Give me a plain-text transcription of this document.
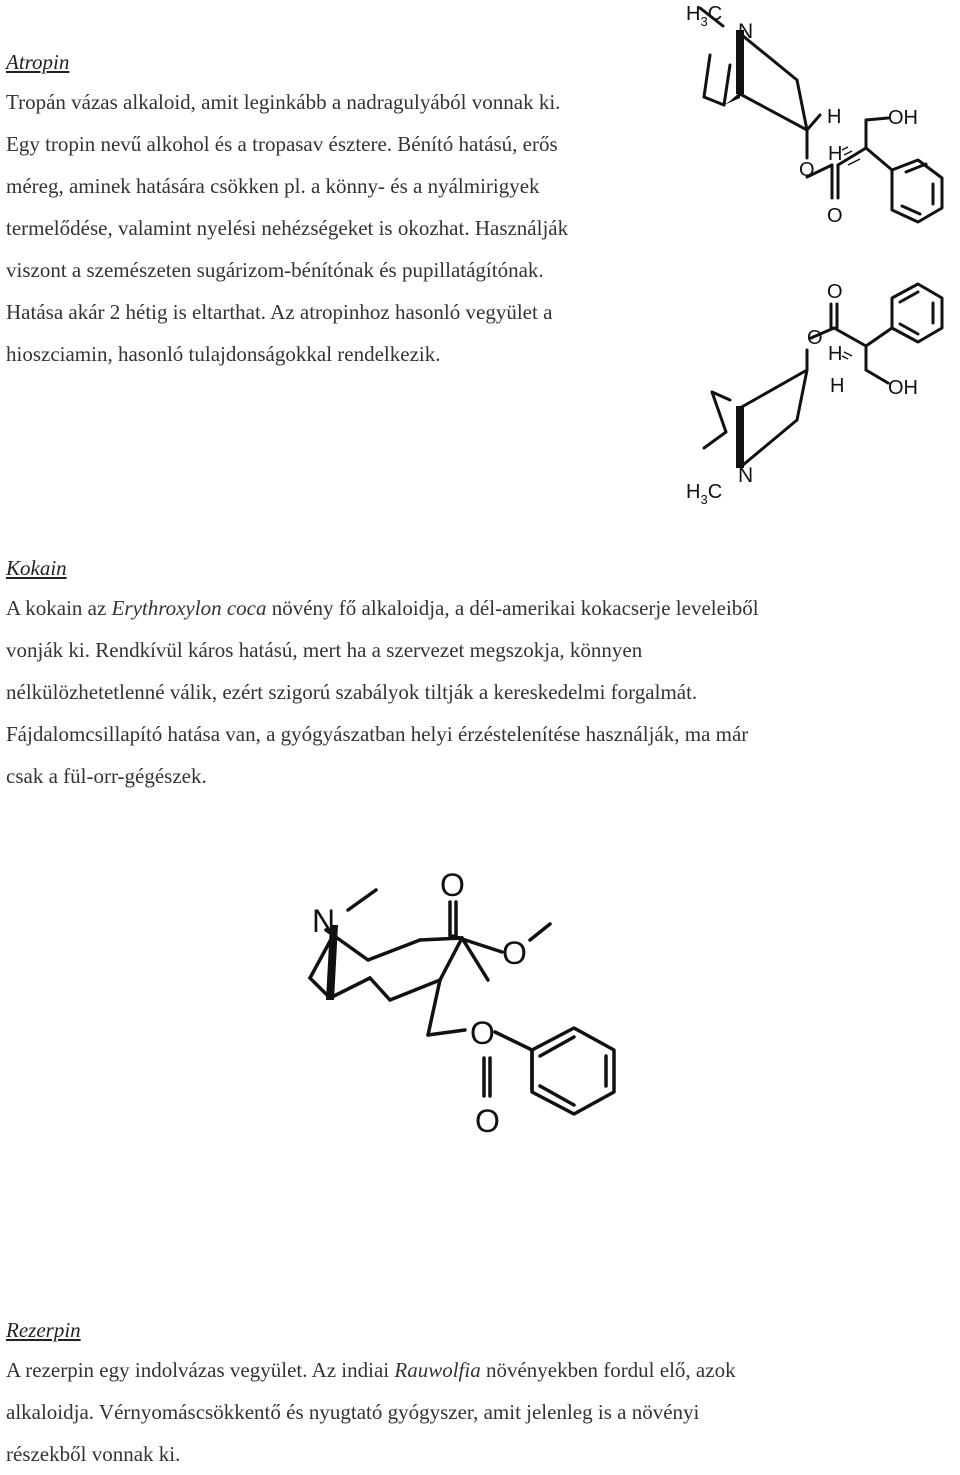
Atropin
Tropán vázas alkaloid, amit leginkább a nadragulyából vonnak ki.
Egy tropin nevű alkohol és a tropasav észtere. Bénító hatású, erős
méreg, aminek hatására csökken pl. a könny- és a nyálmirigyek
termelődése, valamint nyelési nehézségeket is okozhat. Használják
viszont a szemészeten sugárizom-bénítónak és pupillatágítónak.
Hatása akár 2 hétig is eltarthat. Az atropinhoz hasonló vegyület a
hioszciamin, hasonló tulajdonságokkal rendelkezik.
$H_3C$
N
H OH
H
O
O
O
O
H
H OH
N
$H_3C$
Kokain
A kokain az Erythroxylon coca növény fő alkaloidja, a dél-amerikai kokacserje leveleiből
vonják ki. Rendkívül káros hatású, mert ha a szervezet megszokja, könnyen
nélkülözhetetlenné válik, ezért szigorú szabályok tiltják a kereskedelmi forgalmát.
Fájdalomcsillapító hatása van, a gyógyászatban helyi érzéstelenítése használják, ma már
csak a fül-orr-gégészek.
N
O
O
O
O
Rezerpin
A rezerpin egy indolvázas vegyület. Az indiai Rauwolfia növényekben fordul elő, azok
alkaloidja. Vérnyomáscsökkentő és nyugtató gyógyszer, amit jelenleg is a növényi
részekből vonnak ki.
